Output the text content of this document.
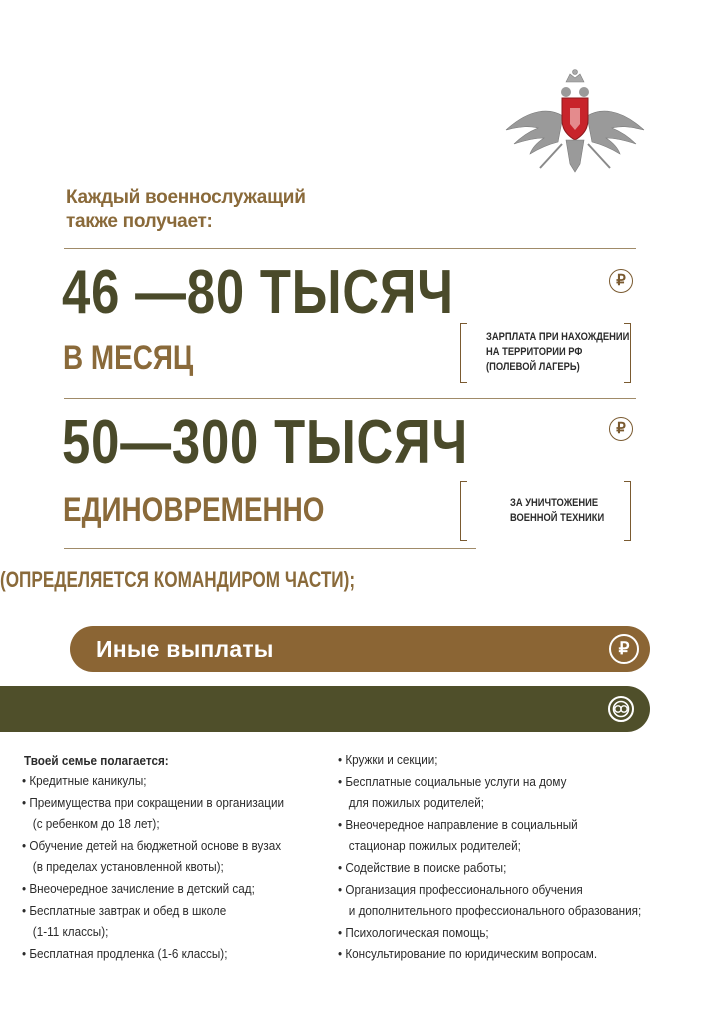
Каждый военнослужащий
также получает:
46 —80 ТЫСЯЧ	₽
В МЕСЯЦ
ЗАРПЛАТА ПРИ НАХОЖДЕНИИ
НА ТЕРРИТОРИИ РФ
(ПОЛЕВОЙ ЛАГЕРЬ)
50—300 ТЫСЯЧ	₽
ЕДИНОВРЕМЕННО	ЗА УНИЧТОЖЕНИЕ
ВОЕННОЙ ТЕХНИКИ
(ОПРЕДЕЛЯЕТСЯ КОМАНДИРОМ ЧАСТИ);
Иные выплаты	₽
Твоей семье полагается:
• Кредитные каникулы;
• Преимущества при сокращении в организации
(с ребенком до 18 лет);
• Обучение детей на бюджетной основе в вузах
(в пределах установленной квоты);
• Внеочередное зачисление в детский сад;
• Бесплатные завтрак и обед в школе
(1-11 классы);
• Бесплатная продленка (1-6 классы);
• Кружки и секции;
• Бесплатные социальные услуги на дому
для пожилых родителей;
• Внеочередное направление в социальный
стационар пожилых родителей;
• Содействие в поиске работы;
• Организация профессионального обучения
и дополнительного профессионального образования;
• Психологическая помощь;
• Консультирование по юридическим вопросам.
